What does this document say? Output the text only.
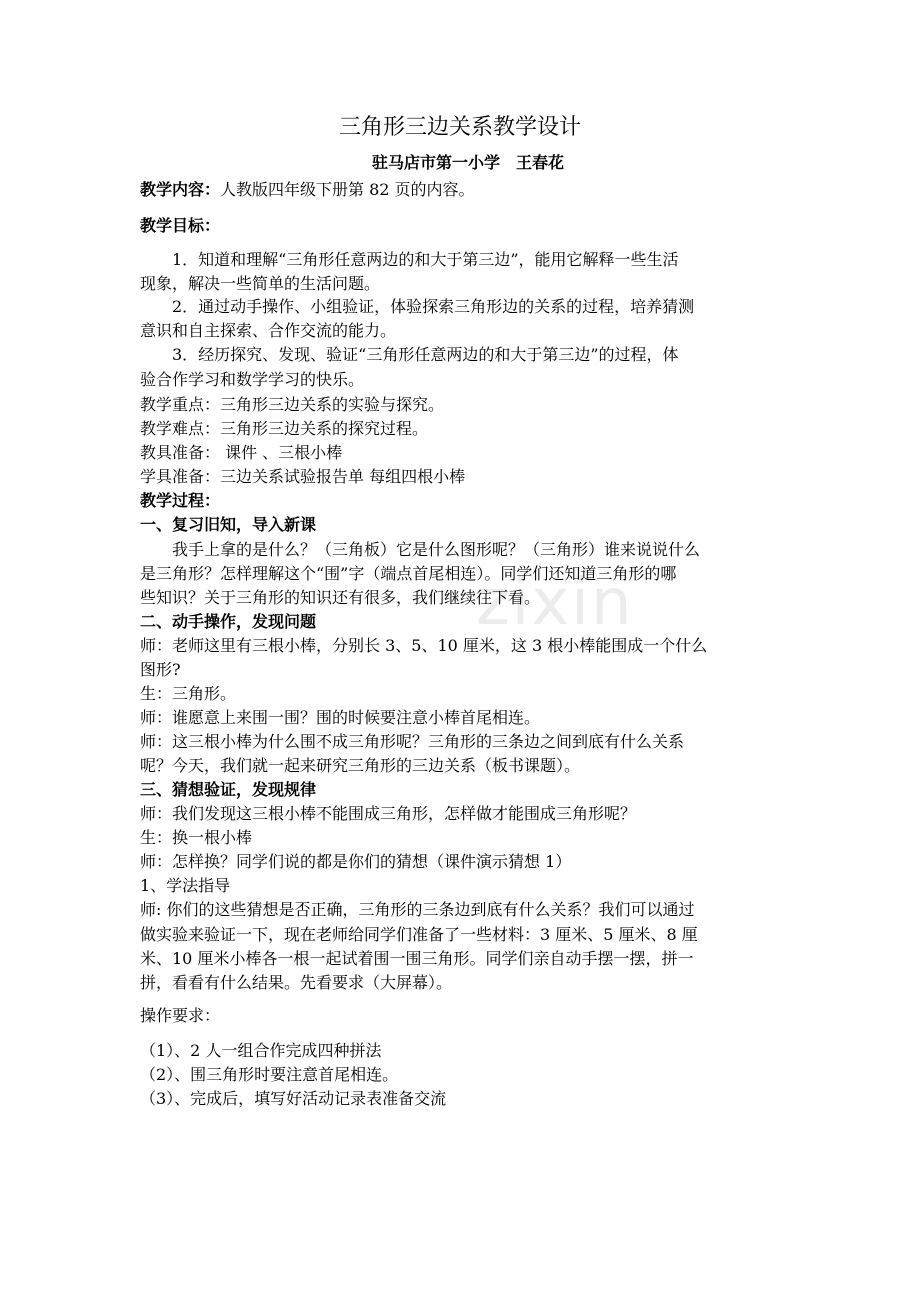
zixin
三角形三边关系教学设计
驻马店市第一小学　王春花
教学内容：人教版四年级下册第 82 页的内容。
教学目标：
1．知道和理解“三角形任意两边的和大于第三边”，能用它解释一些生活
现象，解决一些简单的生活问题。
2．通过动手操作、小组验证，体验探索三角形边的关系的过程，培养猜测
意识和自主探索、合作交流的能力。
3．经历探究、发现、验证“三角形任意两边的和大于第三边”的过程，体
验合作学习和数学学习的快乐。
教学重点：三角形三边关系的实验与探究。
教学难点：三角形三边关系的探究过程。
教具准备： 课件 、三根小棒
学具准备：三边关系试验报告单 每组四根小棒
教学过程：
一、复习旧知，导入新课
我手上拿的是什么？（三角板）它是什么图形呢？（三角形）谁来说说什么
是三角形？怎样理解这个“围”字（端点首尾相连）。同学们还知道三角形的哪
些知识？关于三角形的知识还有很多，我们继续往下看。
二、动手操作，发现问题
师：老师这里有三根小棒，分别长 3、5、10 厘米，这 3 根小棒能围成一个什么
图形?
生：三角形。
师：谁愿意上来围一围？围的时候要注意小棒首尾相连。
师：这三根小棒为什么围不成三角形呢？三角形的三条边之间到底有什么关系
呢？今天，我们就一起来研究三角形的三边关系（板书课题）。
三、猜想验证，发现规律
师：我们发现这三根小棒不能围成三角形，怎样做才能围成三角形呢？
生：换一根小棒
师：怎样换？同学们说的都是你们的猜想（课件演示猜想 1）
1、学法指导
师: 你们的这些猜想是否正确，三角形的三条边到底有什么关系？我们可以通过
做实验来验证一下，现在老师给同学们准备了一些材料：3 厘米、5 厘米、8 厘
米、10 厘米小棒各一根一起试着围一围三角形。同学们亲自动手摆一摆，拼一
拼，看看有什么结果。先看要求（大屏幕）。
操作要求：
（1）、2 人一组合作完成四种拼法
（2）、围三角形时要注意首尾相连。
（3）、完成后，填写好活动记录表准备交流
